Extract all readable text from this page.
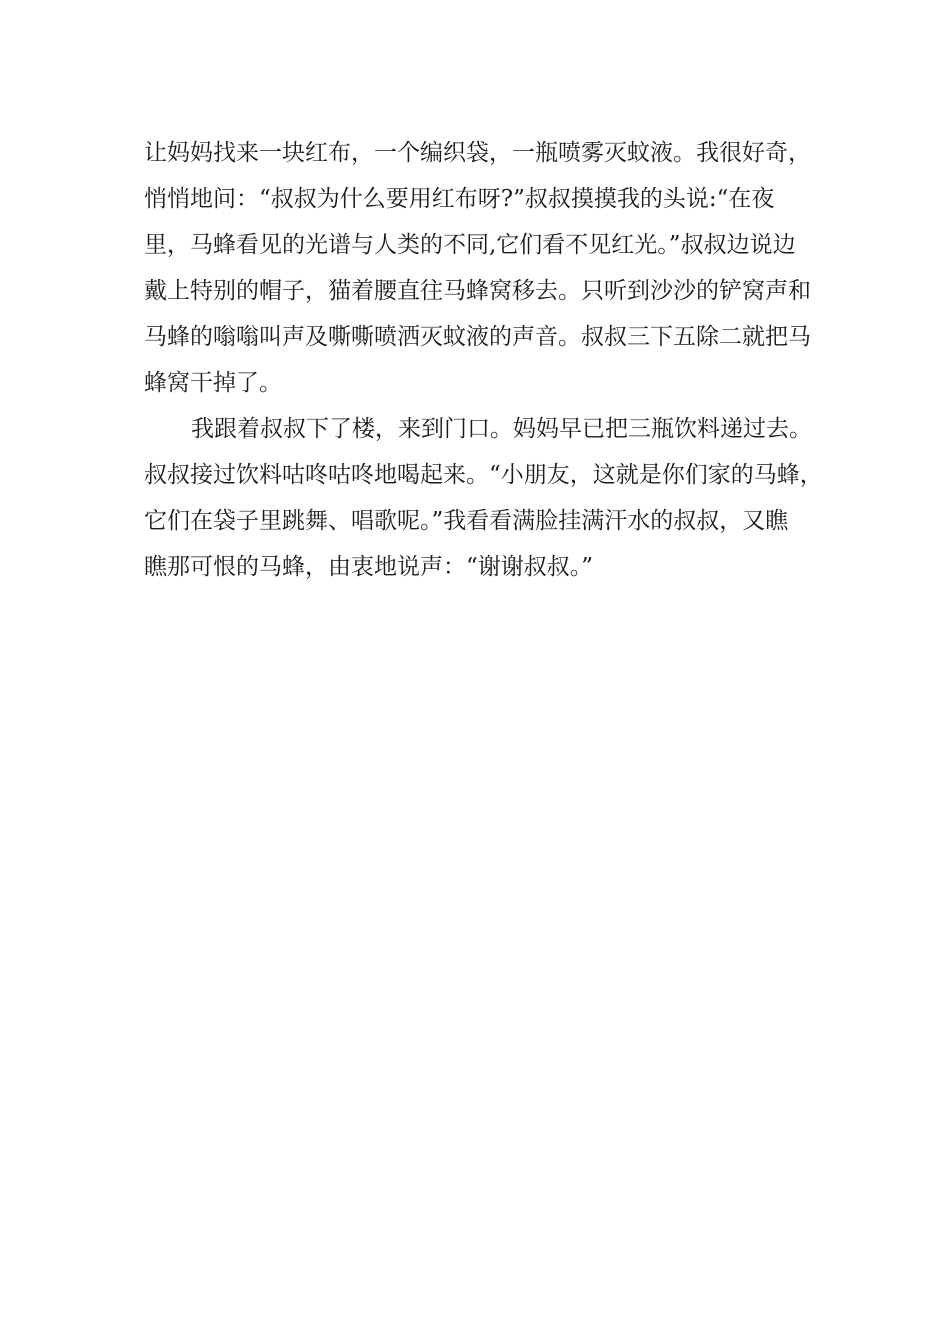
让妈妈找来一块红布，一个编织袋，一瓶喷雾灭蚊液。我很好奇，
悄悄地问：“叔叔为什么要用红布呀?”叔叔摸摸我的头说:“在夜
里，马蜂看见的光谱与人类的不同,它们看不见红光。”叔叔边说边
戴上特别的帽子，猫着腰直往马蜂窝移去。只听到沙沙的铲窝声和
马蜂的嗡嗡叫声及嘶嘶喷洒灭蚊液的声音。叔叔三下五除二就把马
蜂窝干掉了。
我跟着叔叔下了楼，来到门口。妈妈早已把三瓶饮料递过去。
叔叔接过饮料咕咚咕咚地喝起来。“小朋友，这就是你们家的马蜂，
它们在袋子里跳舞、唱歌呢。”我看看满脸挂满汗水的叔叔，又瞧
瞧那可恨的马蜂，由衷地说声：“谢谢叔叔。”
